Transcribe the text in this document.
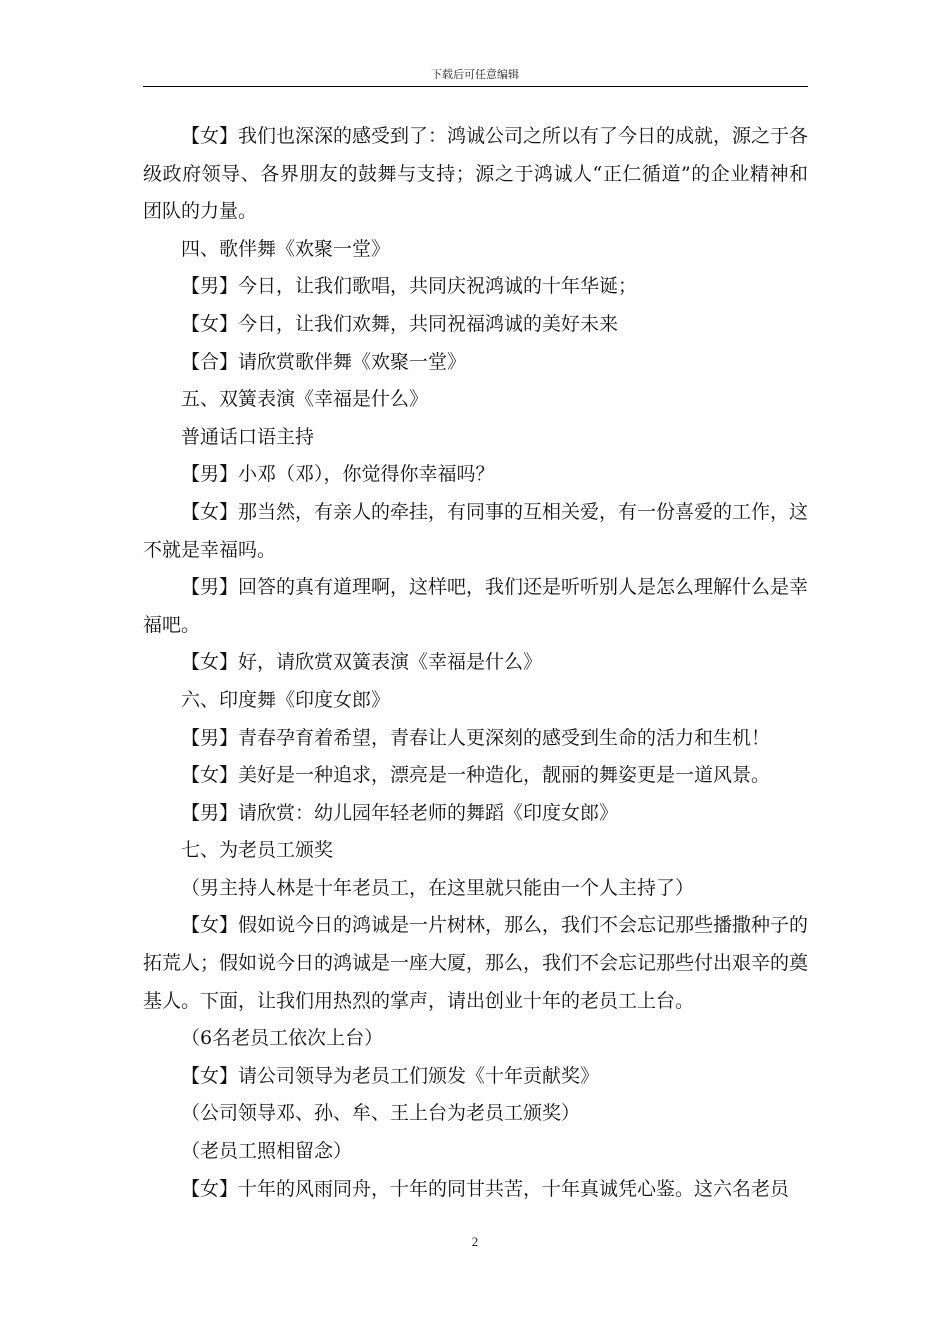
下载后可任意编辑

【女】我们也深深的感受到了：鸿诚公司之所以有了今日的成就，源之于各级政府领导、各界朋友的鼓舞与支持；源之于鸿诚人“正仁循道”的企业精神和团队的力量。

四、歌伴舞《欢聚一堂》

【男】今日，让我们歌唱，共同庆祝鸿诚的十年华诞；

【女】今日，让我们欢舞，共同祝福鸿诚的美好未来

【合】请欣赏歌伴舞《欢聚一堂》

五、双簧表演《幸福是什么》

普通话口语主持

【男】小邓（邓），你觉得你幸福吗？

【女】那当然，有亲人的牵挂，有同事的互相关爱，有一份喜爱的工作，这不就是幸福吗。

【男】回答的真有道理啊，这样吧，我们还是听听别人是怎么理解什么是幸福吧。

【女】好，请欣赏双簧表演《幸福是什么》

六、印度舞《印度女郎》

【男】青春孕育着希望，青春让人更深刻的感受到生命的活力和生机！

【女】美好是一种追求，漂亮是一种造化，靓丽的舞姿更是一道风景。

【男】请欣赏：幼儿园年轻老师的舞蹈《印度女郎》

七、为老员工颁奖

（男主持人林是十年老员工，在这里就只能由一个人主持了）

【女】假如说今日的鸿诚是一片树林，那么，我们不会忘记那些播撒种子的拓荒人；假如说今日的鸿诚是一座大厦，那么，我们不会忘记那些付出艰辛的奠基人。下面，让我们用热烈的掌声，请出创业十年的老员工上台。

（6名老员工依次上台）

【女】请公司领导为老员工们颁发《十年贡献奖》

（公司领导邓、孙、牟、王上台为老员工颁奖）

（老员工照相留念）

【女】十年的风雨同舟，十年的同甘共苦，十年真诚凭心鉴。这六名老员

2
